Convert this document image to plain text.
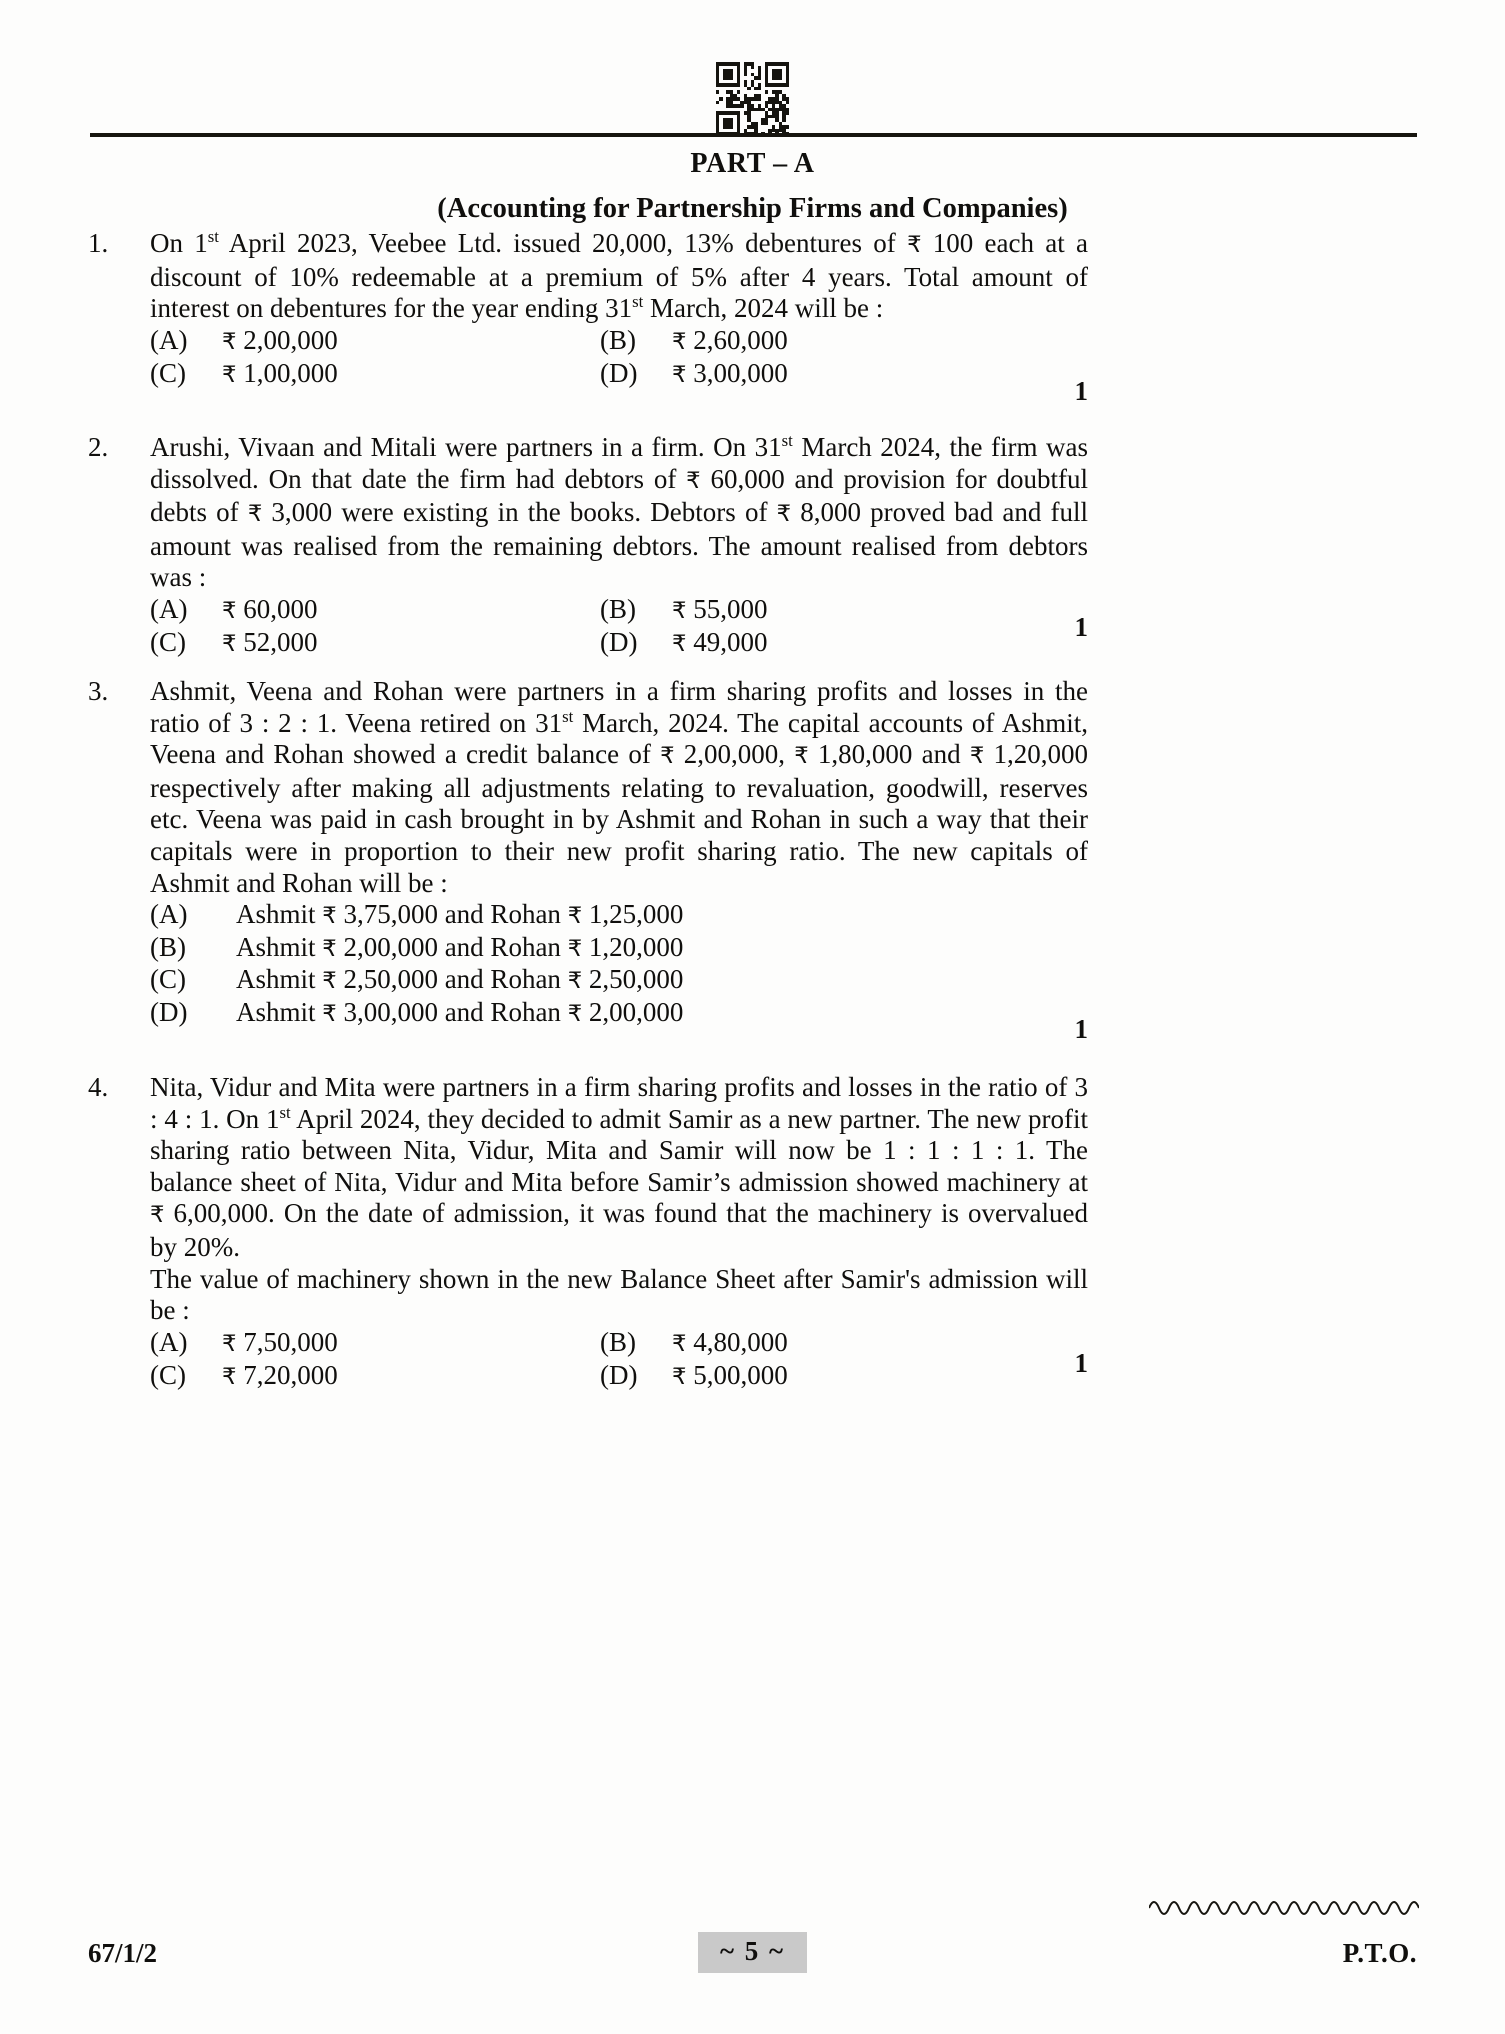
PART – A
(Accounting for Partnership Firms and Companies)
1.	On 1st April 2023, Veebee Ltd. issued 20,000, 13% debentures of ₹ 100 each at a discount of 10% redeemable at a premium of 5% after 4 years. Total amount of interest on debentures for the year ending 31st March, 2024 will be :
(A)	₹ 2,00,000	(B)	₹ 2,60,000
(C)	₹ 1,00,000	(D)	₹ 3,00,000
1
2.	Arushi, Vivaan and Mitali were partners in a firm. On 31st March 2024, the firm was dissolved. On that date the firm had debtors of ₹ 60,000 and provision for doubtful debts of ₹ 3,000 were existing in the books. Debtors of ₹ 8,000 proved bad and full amount was realised from the remaining debtors. The amount realised from debtors was :
(A)	₹ 60,000	(B)	₹ 55,000
(C)	₹ 52,000	(D)	₹ 49,000	1
3.	Ashmit, Veena and Rohan were partners in a firm sharing profits and losses in the ratio of 3 : 2 : 1. Veena retired on 31st March, 2024. The capital accounts of Ashmit, Veena and Rohan showed a credit balance of ₹ 2,00,000, ₹ 1,80,000 and ₹ 1,20,000 respectively after making all adjustments relating to revaluation, goodwill, reserves etc. Veena was paid in cash brought in by Ashmit and Rohan in such a way that their capitals were in proportion to their new profit sharing ratio. The new capitals of Ashmit and Rohan will be :
(A)	Ashmit ₹ 3,75,000 and Rohan ₹ 1,25,000
(B)	Ashmit ₹ 2,00,000 and Rohan ₹ 1,20,000
(C)	Ashmit ₹ 2,50,000 and Rohan ₹ 2,50,000
(D)	Ashmit ₹ 3,00,000 and Rohan ₹ 2,00,000
1
4.	Nita, Vidur and Mita were partners in a firm sharing profits and losses in the ratio of 3 : 4 : 1. On 1st April 2024, they decided to admit Samir as a new partner. The new profit sharing ratio between Nita, Vidur, Mita and Samir will now be 1 : 1 : 1 : 1. The balance sheet of Nita, Vidur and Mita before Samir’s admission showed machinery at ₹ 6,00,000. On the date of admission, it was found that the machinery is overvalued by 20%.
The value of machinery shown in the new Balance Sheet after Samir's admission will be :
(A)	₹ 7,50,000	(B)	₹ 4,80,000
(C)	₹ 7,20,000	(D)	₹ 5,00,000	1
67/1/2	~ 5 ~	P.T.O.
